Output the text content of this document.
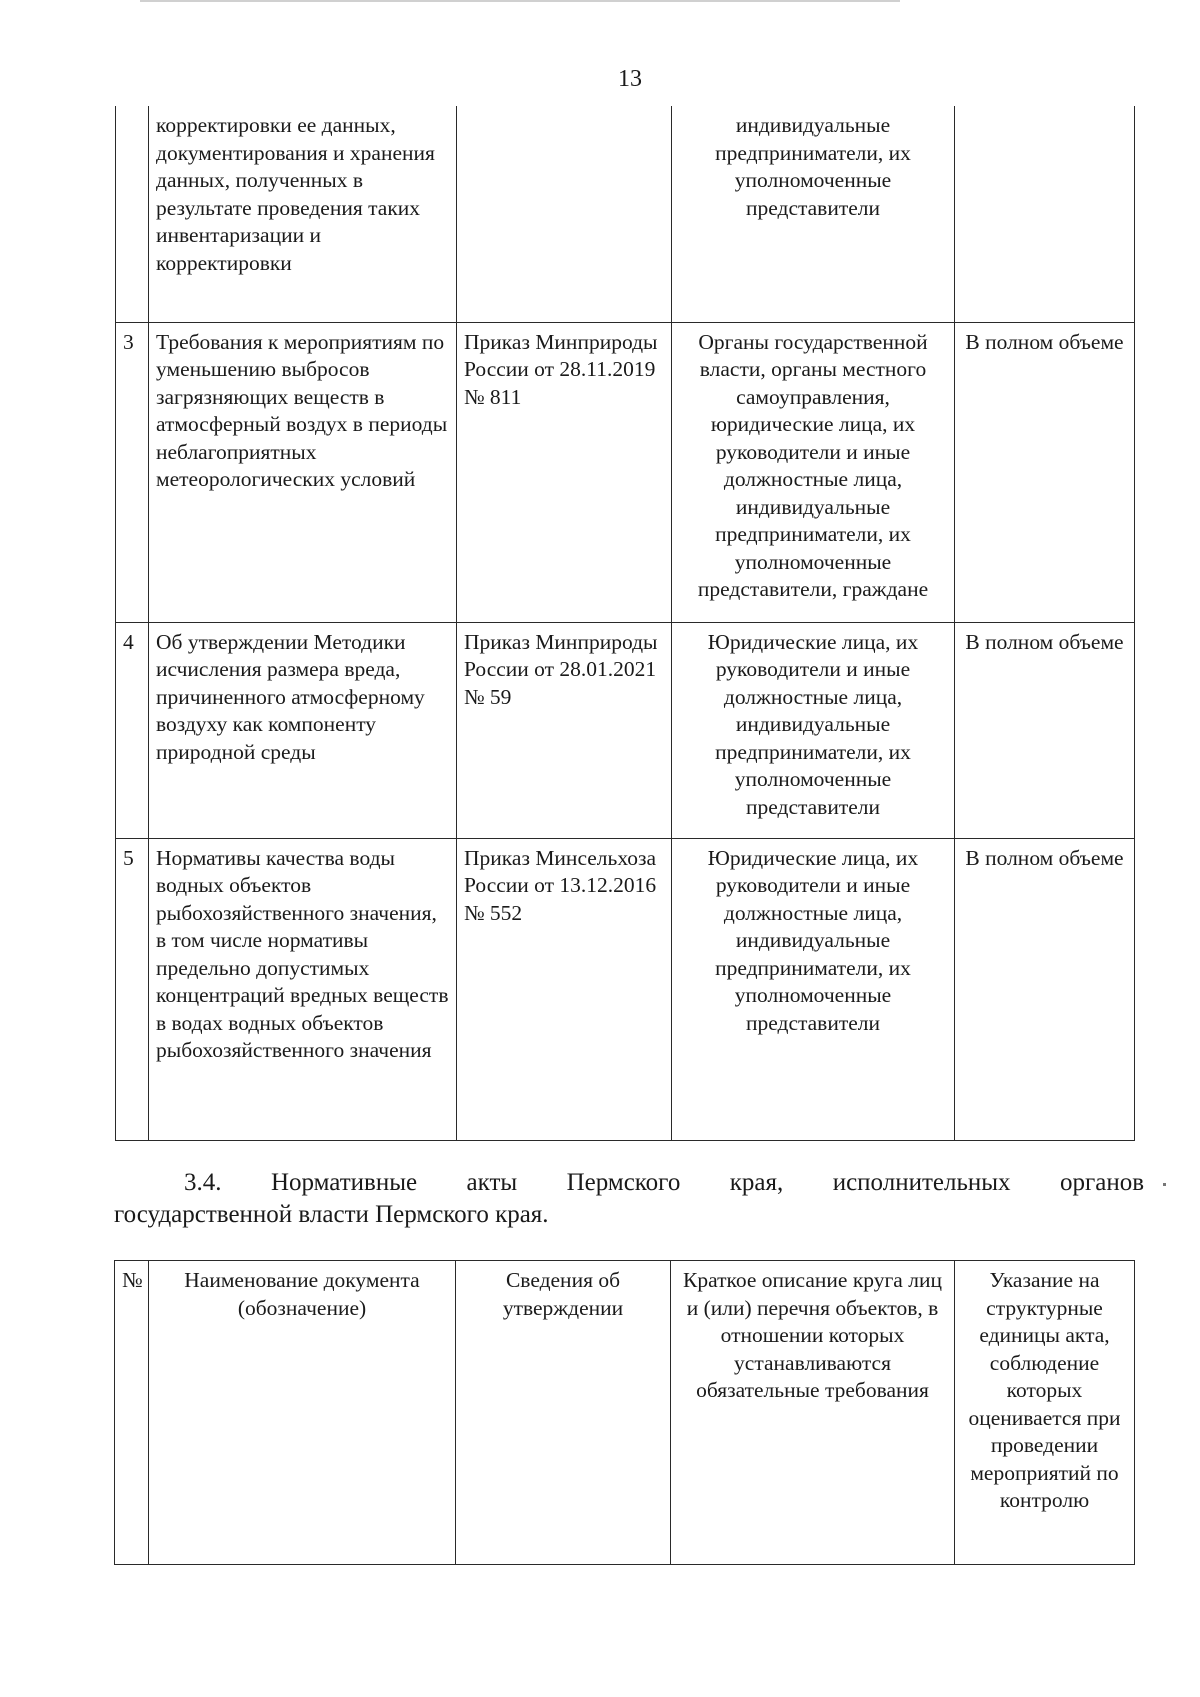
13
	корректировки ее данных, документирования и хранения данных, полученных в результате проведения таких инвентаризации и корректировки		индивидуальные предприниматели, их уполномоченные представители	
3	Требования к мероприятиям по уменьшению выбросов загрязняющих веществ в атмосферный воздух в периоды неблагоприятных метеорологических условий	Приказ Минприроды России от 28.11.2019 № 811	Органы государственной власти, органы местного самоуправления, юридические лица, их руководители и иные должностные лица, индивидуальные предприниматели, их уполномоченные представители, граждане	В полном объеме
4	Об утверждении Методики исчисления размера вреда, причиненного атмосферному воздуху как компоненту природной среды	Приказ Минприроды России от 28.01.2021 № 59	Юридические лица, их руководители и иные должностные лица, индивидуальные предприниматели, их уполномоченные представители	В полном объеме
5	Нормативы качества воды водных объектов рыбохозяйственного значения, в том числе нормативы предельно допустимых концентраций вредных веществ в водах водных объектов рыбохозяйственного значения	Приказ Минсельхоза России от 13.12.2016 № 552	Юридические лица, их руководители и иные должностные лица, индивидуальные предприниматели, их уполномоченные представители	В полном объеме
3.4. Нормативные акты Пермского края, исполнительных органов
государственной власти Пермского края.
№	Наименование документа (обозначение)	Сведения об утверждении	Краткое описание круга лиц и (или) перечня объектов, в отношении которых устанавливаются обязательные требования	Указание на структурные единицы акта, соблюдение которых оценивается при проведении мероприятий по контролю
